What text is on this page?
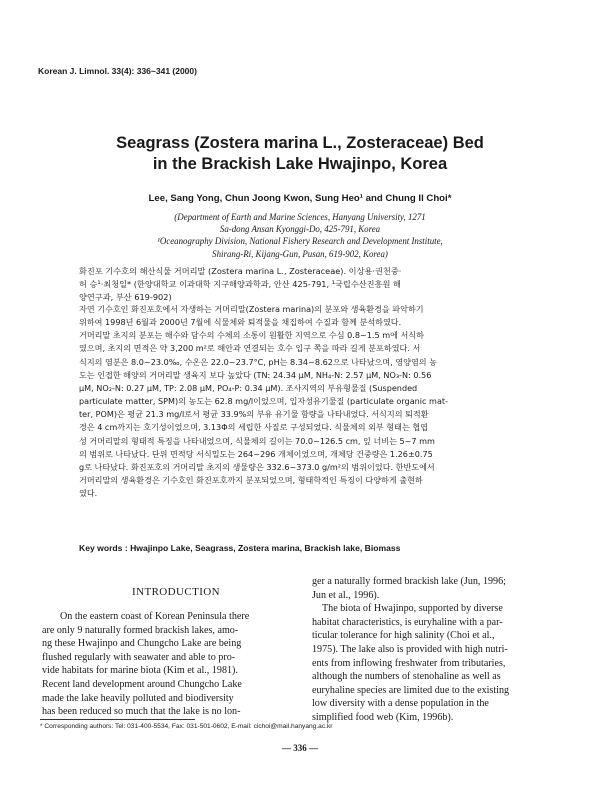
Korean J. Limnol. 33(4): 336~341 (2000)
Seagrass (Zostera marina L., Zosteraceae) Bed
in the Brackish Lake Hwajinpo, Korea
Lee, Sang Yong, Chun Joong Kwon, Sung Heo¹ and Chung Il Choi*
(Department of Earth and Marine Sciences, Hanyang University, 1271
Sa-dong Ansan Kyonggi-Do, 425-791, Korea
¹Oceanography Division, National Fishery Research and Development Institute,
Shirang-Ri, Kijang-Gun, Pusan, 619-902, Korea)
화진포 기수호의 해산식물 거머리말 (Zostera marina L., Zosteraceae). 이상용·권천중·
허 승¹·최청일* (한양대학교 이과대학 지구해양과학과, 안산 425-791, ¹국립수산진흥원 해
양연구과, 부산 619-902)
자연 기수호인 화진포호에서 자생하는 거머리말(Zostera marina)의 분포와 생육환경을 파악하기
위하여 1998년 6월과 2000년 7월에 식물체와 퇴적물을 채집하여 수질과 함께 분석하였다.
거머리말 초지의 분포는 해수와 담수의 수체의 소통이 원활한 지역으로 수심 0.8~1.5 m에 서식하
였으며, 초지의 면적은 약 3,200 m²로 해안과 연결되는 호수 입구 쪽을 따라 길게 분포하였다. 서
식지의 염분은 8.0~23.0‰, 수온은 22.0~23.7°C, pH는 8.34~8.62으로 나타났으며, 영양염의 농
도는 인접한 해양의 거머리말 생육지 보다 높았다 (TN: 24.34 μM, NH₄-N: 2.57 μM, NO₃-N: 0.56
μM, NO₂-N: 0.27 μM, TP: 2.08 μM, PO₄-P: 0.34 μM). 조사지역의 부유형물질 (Suspended
particulate matter, SPM)의 농도는 62.8 mg/l이었으며, 입자성유기물질 (particulate organic mat-
ter, POM)은 평균 21.3 mg/l로서 평균 33.9%의 부유 유기물 함량을 나타내었다. 서식지의 퇴적환
경은 4 cm까지는 호기성이었으며, 3.13Φ의 세립한 사질로 구성되었다. 식물체의 외부 형태는 협엽
성 거머리말의 형태적 특징을 나타내었으며, 식물체의 길이는 70.0~126.5 cm, 잎 너비는 5~7 mm
의 범위로 나타났다. 단위 면적당 서식밀도는 264~296 개체이었으며, 개체당 건중량은 1.26±0.75
g로 나타났다. 화진포호의 거머리말 초지의 생물량은 332.6~373.0 g/m²의 범위이었다. 한반도에서
거머리말의 생육환경은 기수호인 화진포호까지 분포되었으며, 형태학적인 특징이 다양하게 출현하
였다.
Key words : Hwajinpo Lake, Seagrass, Zostera marina, Brackish lake, Biomass
INTRODUCTION
On the eastern coast of Korean Peninsula there
are only 9 naturally formed brackish lakes, amo-
ng these Hwajinpo and Chungcho Lake are being
flushed regularly with seawater and able to pro-
vide habitats for marine biota (Kim et al., 1981).
Recent land development around Chungcho Lake
made the lake heavily polluted and biodiversity
has been reduced so much that the lake is no lon-
ger a naturally formed brackish lake (Jun, 1996;
Jun et al., 1996).
The biota of Hwajinpo, supported by diverse
habitat characteristics, is euryhaline with a par-
ticular tolerance for high salinity (Choi et al.,
1975). The lake also is provided with high nutri-
ents from inflowing freshwater from tributaries,
although the numbers of stenohaline as well as
euryhaline species are limited due to the existing
low diversity with a dense population in the
simplified food web (Kim, 1996b).
* Corresponding authors: Tel: 031-400-5534, Fax: 031-501-0602, E-mail: cichoi@mail.hanyang.ac.kr
— 336 —
